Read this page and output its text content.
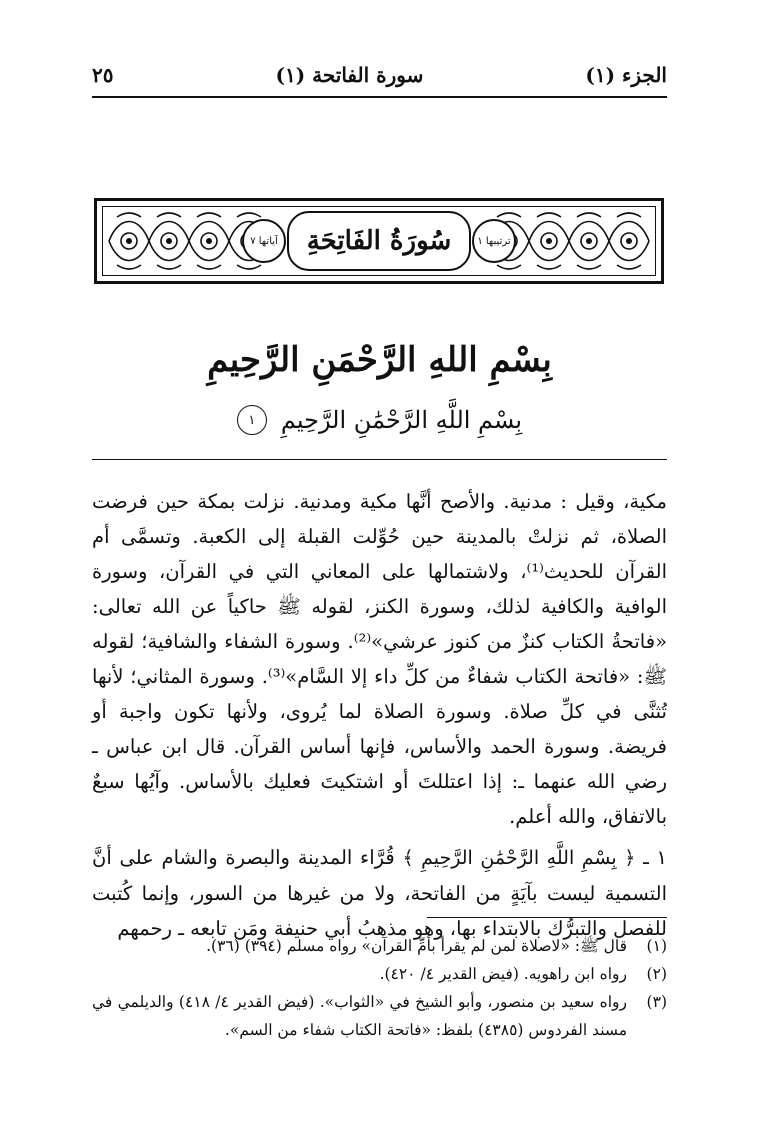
الجزء (١)
سورة الفاتحة (١)
٢٥
ترتيبها ١
آياتها ٧ سُورَةُ الفَاتِحَةِ
بِسْمِ اللهِ الرَّحْمَنِ الرَّحِيمِ
بِسْمِ اللَّهِ الرَّحْمَٰنِ الرَّحِيمِ
١

مكية، وقيل : مدنية. والأصح أنَّها مكية ومدنية. نزلت بمكة حين فرضت الصلاة، ثم نزلتْ بالمدينة حين حُوِّلت القبلة إلى الكعبة. وتسمَّى أم القرآن للحديث⁽¹⁾، ولاشتمالها على المعاني التي في القرآن، وسورة الوافية والكافية لذلك، وسورة الكنز، لقوله ﷺ حاكياً عن الله تعالى: «فاتحةُ الكتاب كنزٌ من كنوز عرشي»⁽²⁾. وسورة الشفاء والشافية؛ لقوله ﷺ: «فاتحة الكتاب شفاءٌ من كلِّ داء إلا السَّام»⁽³⁾. وسورة المثاني؛ لأنها تُثنَّى في كلِّ صلاة. وسورة الصلاة لما يُروى، ولأنها تكون واجبة أو فريضة. وسورة الحمد والأساس، فإنها أساس القرآن. قال ابن عباس ـ رضي الله عنهما ـ: إذا اعتللتَ أو اشتكيتَ فعليك بالأساس. وآيُها سبعٌ بالاتفاق، والله أعلم.

١ ـ ﴿ بِسْمِ اللَّهِ الرَّحْمَٰنِ الرَّحِيمِ ﴾ قُرَّاء المدينة والبصرة والشام على أنَّ التسمية ليست بآيَةٍ من الفاتحة، ولا من غيرها من السور، وإنما كُتبت للفصل والتبرُّك بالابتداء بها، وهو مذهبُ أبي حنيفة ومَن تابعه ـ رحمهم

(١)
قال ﷺ: «لاصلاة لمن لم يقرأ بأمِّ القرآن» رواه مسلم (٣٩٤) (٣٦).
(٢)
رواه ابن راهويه. (فيض القدير ٤/ ٤٢٠).
(٣)
رواه سعيد بن منصور، وأبو الشيخ في «الثواب». (فيض القدير ٤/ ٤١٨) والديلمي في مسند الفردوس (٤٣٨٥) بلفظ: «فاتحة الكتاب شفاء من السم».
